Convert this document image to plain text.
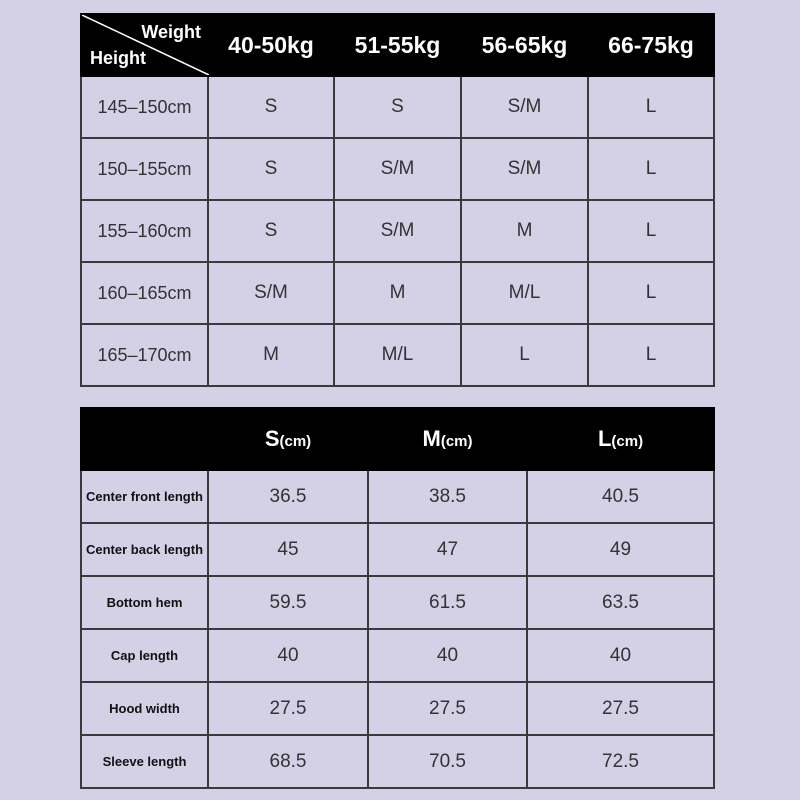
Weight
Height	40-50kg	51-55kg	56-65kg	66-75kg
145–150cm	S	S	S/M	L
150–155cm	S	S/M	S/M	L
155–160cm	S	S/M	M	L
160–165cm	S/M	M	M/L	L
165–170cm	M	M/L	L	L
	S(cm)	M(cm)	L(cm)
Center front length	36.5	38.5	40.5
Center back length	45	47	49
Bottom hem	59.5	61.5	63.5
Cap length	40	40	40
Hood width	27.5	27.5	27.5
Sleeve length	68.5	70.5	72.5
